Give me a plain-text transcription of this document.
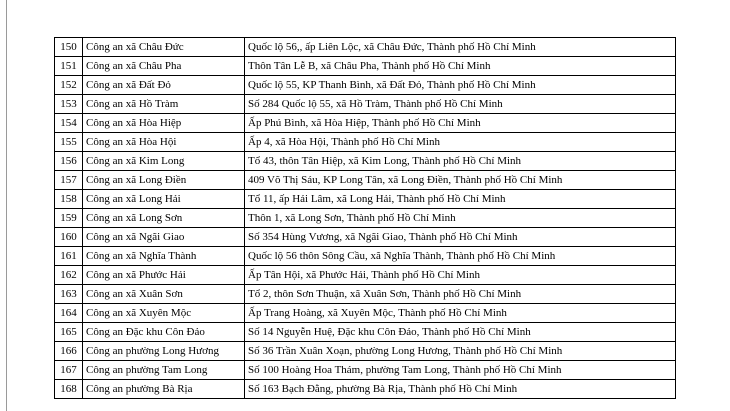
150	Công an xã Châu Đức	Quốc lộ 56,, ấp Liên Lộc, xã Châu Đức, Thành phố Hồ Chí Minh
151	Công an xã Châu Pha	Thôn Tân Lễ B, xã Châu Pha, Thành phố Hồ Chí Minh
152	Công an xã Đất Đỏ	Quốc lộ 55, KP Thanh Bình, xã Đất Đỏ, Thành phố Hồ Chí Minh
153	Công an xã Hồ Tràm	Số 284 Quốc lộ 55, xã Hồ Tràm, Thành phố Hồ Chí Minh
154	Công an xã Hòa Hiệp	Ấp Phú Bình, xã Hòa Hiệp, Thành phố Hồ Chí Minh
155	Công an xã Hòa Hội	Ấp 4, xã Hòa Hội, Thành phố Hồ Chí Minh
156	Công an xã Kim Long	Tổ 43, thôn Tân Hiệp, xã Kim Long, Thành phố Hồ Chí Minh
157	Công an xã Long Điền	409 Võ Thị Sáu, KP Long Tân, xã Long Điền, Thành phố Hồ Chí Minh
158	Công an xã Long Hải	Tổ 11, ấp Hải Lâm, xã Long Hải, Thành phố Hồ Chí Minh
159	Công an xã Long Sơn	Thôn 1, xã Long Sơn, Thành phố Hồ Chí Minh
160	Công an xã Ngãi Giao	Số 354 Hùng Vương, xã Ngãi Giao, Thành phố Hồ Chí Minh
161	Công an xã Nghĩa Thành	Quốc lộ 56 thôn Sông Cầu, xã Nghĩa Thành, Thành phố Hồ Chí Minh
162	Công an xã Phước Hải	Ấp Tân Hội, xã Phước Hải, Thành phố Hồ Chí Minh
163	Công an xã Xuân Sơn	Tổ 2, thôn Sơn Thuận, xã Xuân Sơn, Thành phố Hồ Chí Minh
164	Công an xã Xuyên Mộc	Ấp Trang Hoàng, xã Xuyên Mộc, Thành phố Hồ Chí Minh
165	Công an Đặc khu Côn Đảo	Số 14 Nguyễn Huệ, Đặc khu Côn Đảo, Thành phố Hồ Chí Minh
166	Công an phường Long Hương	Số 36 Trần Xuân Xoạn, phường Long Hương, Thành phố Hồ Chí Minh
167	Công an phường Tam Long	Số 100 Hoàng Hoa Thám, phường Tam Long, Thành phố Hồ Chí Minh
168	Công an phường Bà Rịa	Số 163 Bạch Đằng, phường Bà Rịa, Thành phố Hồ Chí Minh
